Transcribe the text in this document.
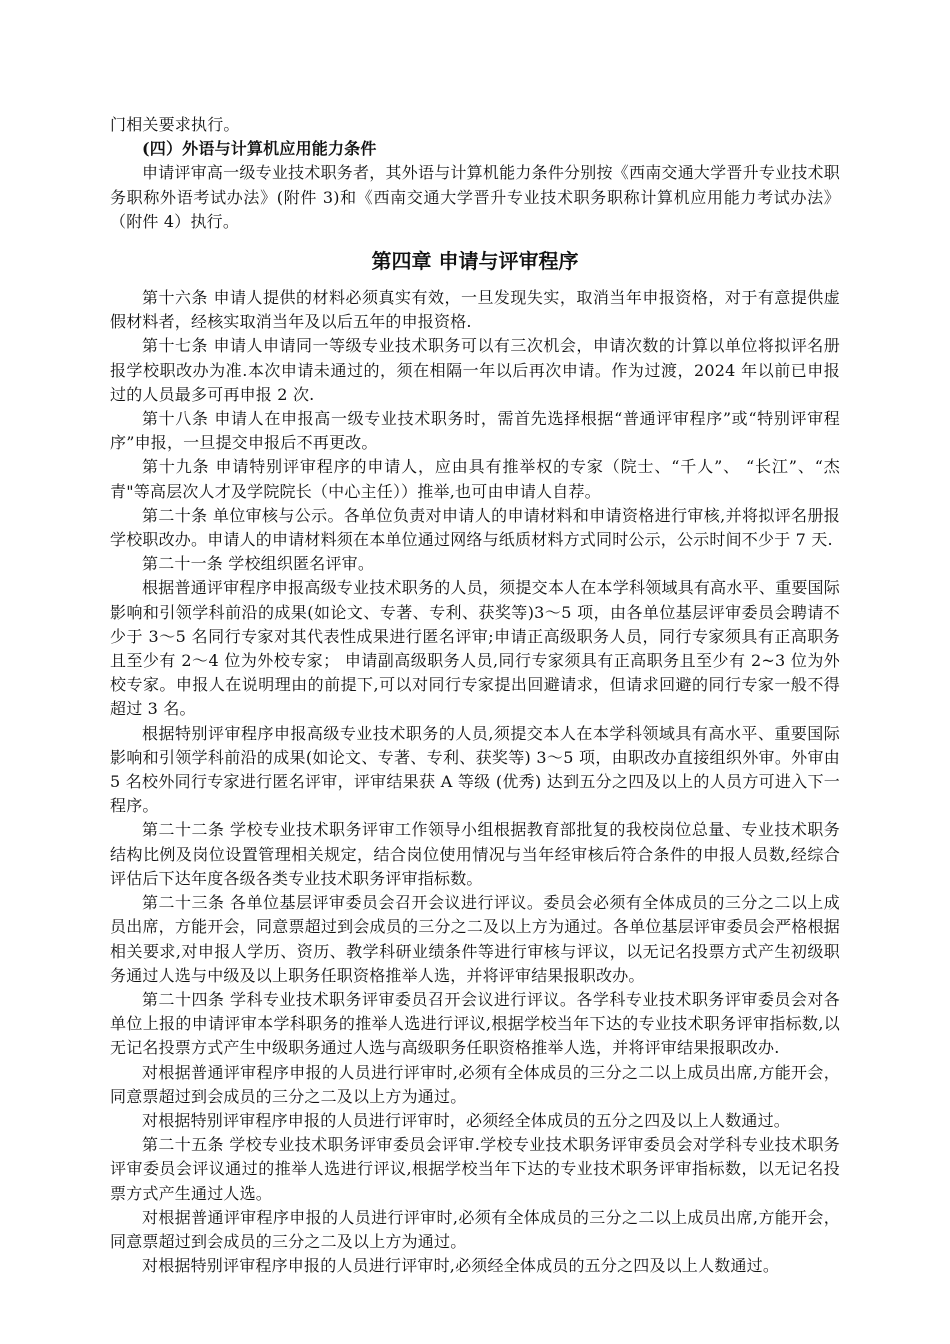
门相关要求执行。

(四）外语与计算机应用能力条件

申请评审高一级专业技术职务者，其外语与计算机能力条件分别按《西南交通大学晋升专业技术职务职称外语考试办法》(附件 3)和《西南交通大学晋升专业技术职务职称计算机应用能力考试办法》（附件 4）执行。

第四章 申请与评审程序

第十六条 申请人提供的材料必须真实有效，一旦发现失实，取消当年申报资格，对于有意提供虚假材料者，经核实取消当年及以后五年的申报资格.

第十七条 申请人申请同一等级专业技术职务可以有三次机会，申请次数的计算以单位将拟评名册报学校职改办为准.本次申请未通过的，须在相隔一年以后再次申请。作为过渡，2024 年以前已申报过的人员最多可再申报 2 次.

第十八条 申请人在申报高一级专业技术职务时，需首先选择根据“普通评审程序”或“特别评审程序”申报，一旦提交申报后不再更改。

第十九条 申请特别评审程序的申请人，应由具有推举权的专家（院士、“千人”、 “长江”、“杰青"等高层次人才及学院院长（中心主任））推举,也可由申请人自荐。

第二十条 单位审核与公示。各单位负责对申请人的申请材料和申请资格进行审核,并将拟评名册报学校职改办。申请人的申请材料须在本单位通过网络与纸质材料方式同时公示，公示时间不少于 7 天.

第二十一条 学校组织匿名评审。

根据普通评审程序申报高级专业技术职务的人员，须提交本人在本学科领域具有高水平、重要国际影响和引领学科前沿的成果(如论文、专著、专利、获奖等)3～5 项，由各单位基层评审委员会聘请不少于 3～5 名同行专家对其代表性成果进行匿名评审;申请正高级职务人员，同行专家须具有正高职务且至少有 2～4 位为外校专家； 申请副高级职务人员,同行专家须具有正高职务且至少有 2~3 位为外校专家。申报人在说明理由的前提下,可以对同行专家提出回避请求，但请求回避的同行专家一般不得超过 3 名。

根据特别评审程序申报高级专业技术职务的人员,须提交本人在本学科领域具有高水平、重要国际影响和引领学科前沿的成果(如论文、专著、专利、获奖等) 3～5 项，由职改办直接组织外审。外审由 5 名校外同行专家进行匿名评审，评审结果获 A 等级 (优秀) 达到五分之四及以上的人员方可进入下一程序。

第二十二条 学校专业技术职务评审工作领导小组根据教育部批复的我校岗位总量、专业技术职务结构比例及岗位设置管理相关规定，结合岗位使用情况与当年经审核后符合条件的申报人员数,经综合评估后下达年度各级各类专业技术职务评审指标数。

第二十三条 各单位基层评审委员会召开会议进行评议。委员会必须有全体成员的三分之二以上成员出席，方能开会，同意票超过到会成员的三分之二及以上方为通过。各单位基层评审委员会严格根据相关要求,对申报人学历、资历、教学科研业绩条件等进行审核与评议，以无记名投票方式产生初级职务通过人选与中级及以上职务任职资格推举人选，并将评审结果报职改办。

第二十四条 学科专业技术职务评审委员召开会议进行评议。各学科专业技术职务评审委员会对各单位上报的申请评审本学科职务的推举人选进行评议,根据学校当年下达的专业技术职务评审指标数,以无记名投票方式产生中级职务通过人选与高级职务任职资格推举人选，并将评审结果报职改办.

对根据普通评审程序申报的人员进行评审时,必须有全体成员的三分之二以上成员出席,方能开会，同意票超过到会成员的三分之二及以上方为通过。

对根据特别评审程序申报的人员进行评审时，必须经全体成员的五分之四及以上人数通过。

第二十五条 学校专业技术职务评审委员会评审.学校专业技术职务评审委员会对学科专业技术职务评审委员会评议通过的推举人选进行评议,根据学校当年下达的专业技术职务评审指标数，以无记名投票方式产生通过人选。

对根据普通评审程序申报的人员进行评审时,必须有全体成员的三分之二以上成员出席,方能开会，同意票超过到会成员的三分之二及以上方为通过。

对根据特别评审程序申报的人员进行评审时,必须经全体成员的五分之四及以上人数通过。
